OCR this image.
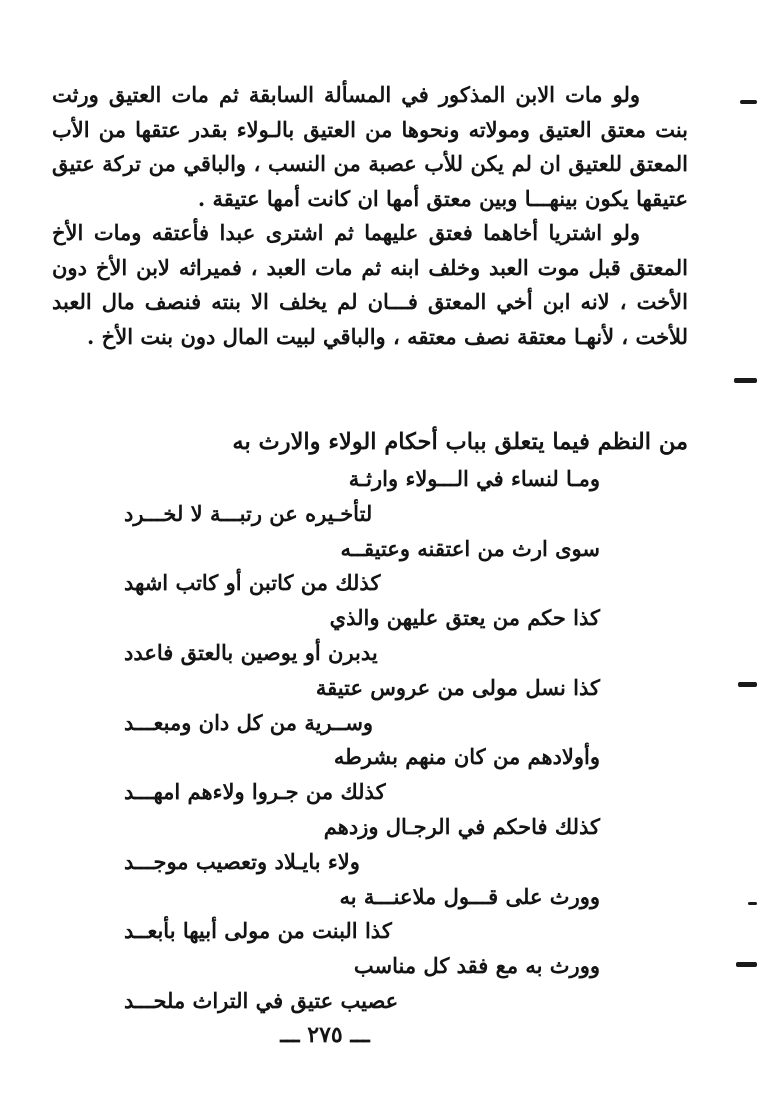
ولو مات الابن المذكور في المسألة السابقة ثم مات العتيق ورثت بنت معتق العتيق ومولاته ونحوها من العتيق بالـولاء بقدر عتقها من الأب المعتق للعتيق ان لم يكن للأب عصبة من النسب ، والباقي من تركة عتيق عتيقها يكون بينهـــا وبين معتق أمها ان كانت أمها عتيقة .

ولو اشتريا أخاهما فعتق عليهما ثم اشترى عبدا فأعتقه ومات الأخ المعتق قبل موت العبد وخلف ابنه ثم مات العبد ، فميراثه لابن الأخ دون الأخت ، لانه ابن أخي المعتق فـــان لم يخلف الا بنته فنصف مال العبد للأخت ، لأنهـا معتقة نصف معتقه ، والباقي لبيت المال دون بنت الأخ .

من النظم فيما يتعلق بباب أحكام الولاء والارث به
ومـا لنساء في الـــولاء وارثـة
لتأخـيره عن رتبـــة لا لخـــرد
سوى ارث من اعتقنه وعتيقــه
كذلك من كاتبن أو كاتب اشهد
كذا حكم من يعتق عليهن والذي
يدبرن أو يوصين بالعتق فاعدد
كذا نسل مولى من عروس عتيقة
وســرية من كل دان ومبعـــد
وأولادهم من كان منهم بشرطه
كذلك من جـروا ولاءهم امهـــد
كذلك فاحكم في الرجـال وزدهم
ولاء بايـلاد وتعصيب موجـــد
وورث على قـــول ملاعنـــة به
كذا البنت من مولى أبيها بأبعــد
وورث به مع فقد كل مناسب
عصيب عتيق في التراث ملحـــد
ـــ ٢٧٥ ـــ
